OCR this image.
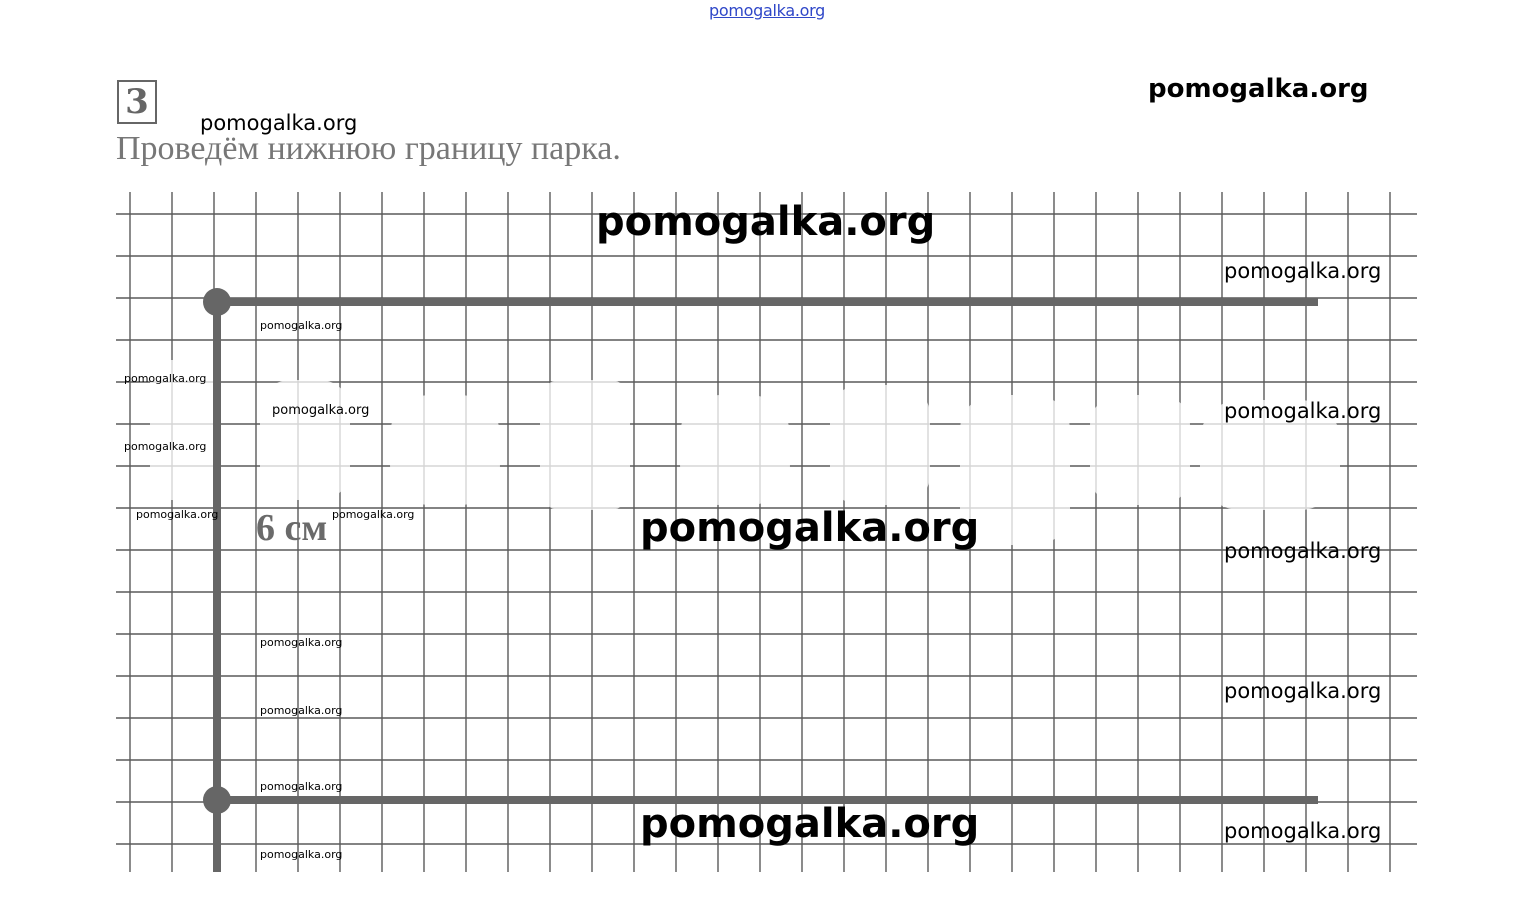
pomogalka.org
3
Проведём нижнюю границу парка.
6 см
pomogalka.org
pomogalka.org
pomogalka.org
pomogalka.org
pomogalka.org
pomogalka.org
pomogalka.org	pomogalka.org
pomogalka.org
pomogalka.org	pomogalka.org	pomogalka.org	pomogalka.org
pomogalka.org
pomogalka.org
pomogalka.org
pomogalka.org
pomogalka.org	pomogalka.org
pomogalka.org
